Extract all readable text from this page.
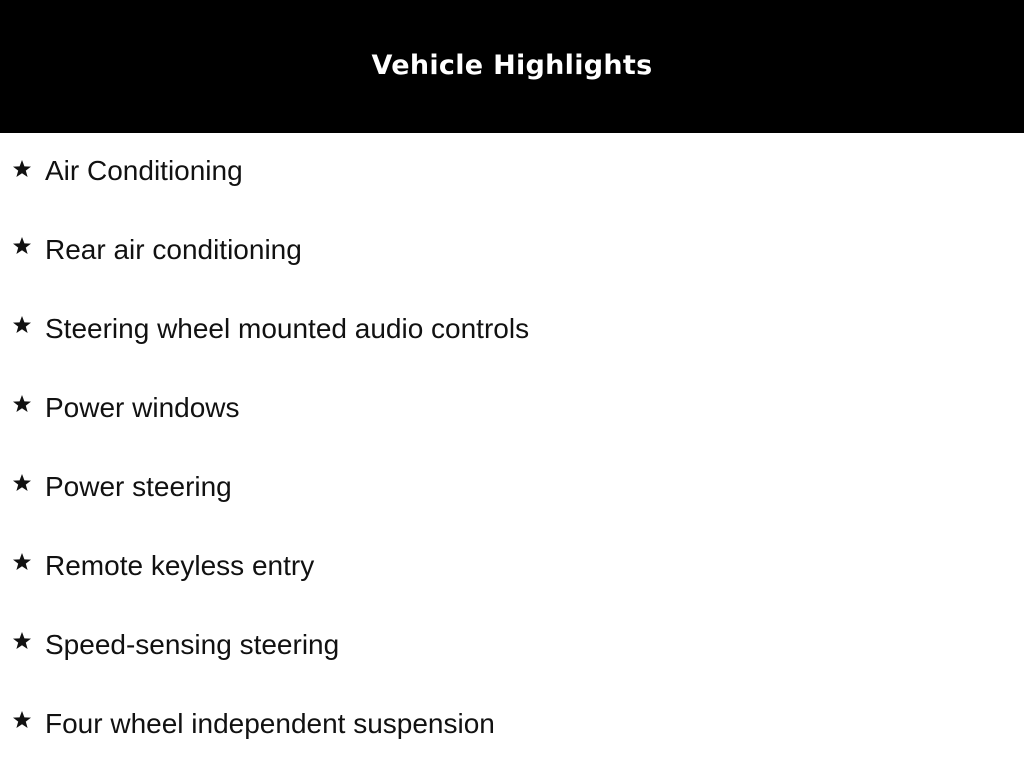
Vehicle Highlights
Air Conditioning
Rear air conditioning
Steering wheel mounted audio controls
Power windows
Power steering
Remote keyless entry
Speed-sensing steering
Four wheel independent suspension
